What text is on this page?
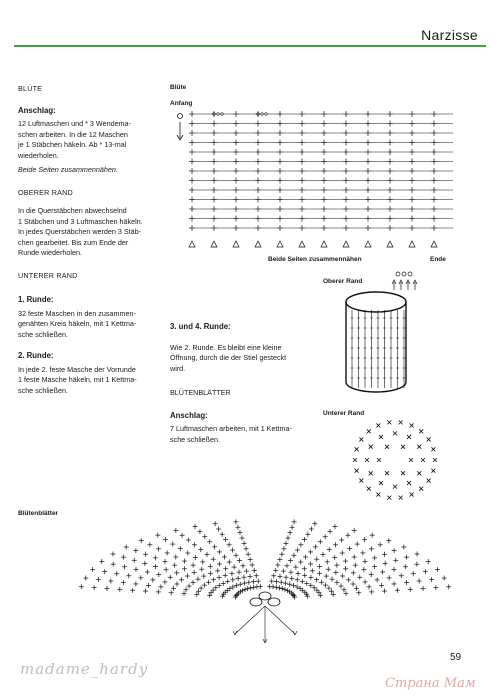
Narzisse
BLÜTE
Anschlag:

12 Luftmaschen und * 3 Wendema-

schen arbeiten. In die 12 Maschen

je 1 Stäbchen häkeln. Ab * 13-mal

wiederholen.

Beide Seiten zusammennähen.

OBERER RAND

In die Querstäbchen abwechselnd

1 Stäbchen und 3 Luftmaschen häkeln.

In jedes Querstäbchen werden 3 Stäb-

chen gearbeitet. Bis zum Ende der

Runde wiederholen.

UNTERER RAND
1. Runde:

32 feste Maschen in den zusammen-

genähten Kreis häkeln, mit 1 Kettma-

sche schließen.

2. Runde:

In jede 2. feste Masche der Vorrunde

1 feste Masche häkeln, mit 1 Kettma-

sche schließen.

3. und 4. Runde:

Wie 2. Runde. Es bleibt eine kleine

Öffnung, durch die der Stiel gesteckt

wird.

BLÜTENBLÄTTER
Anschlag:

7 Luftmaschen arbeiten, mit 1 Kettma-

sche schließen.

Blüte
Anfang
Beide Seiten zusammennähen	Ende
Oberer Rand
Unterer Rand
Blütenblätter
59
madame_hardy
Страна Мам
